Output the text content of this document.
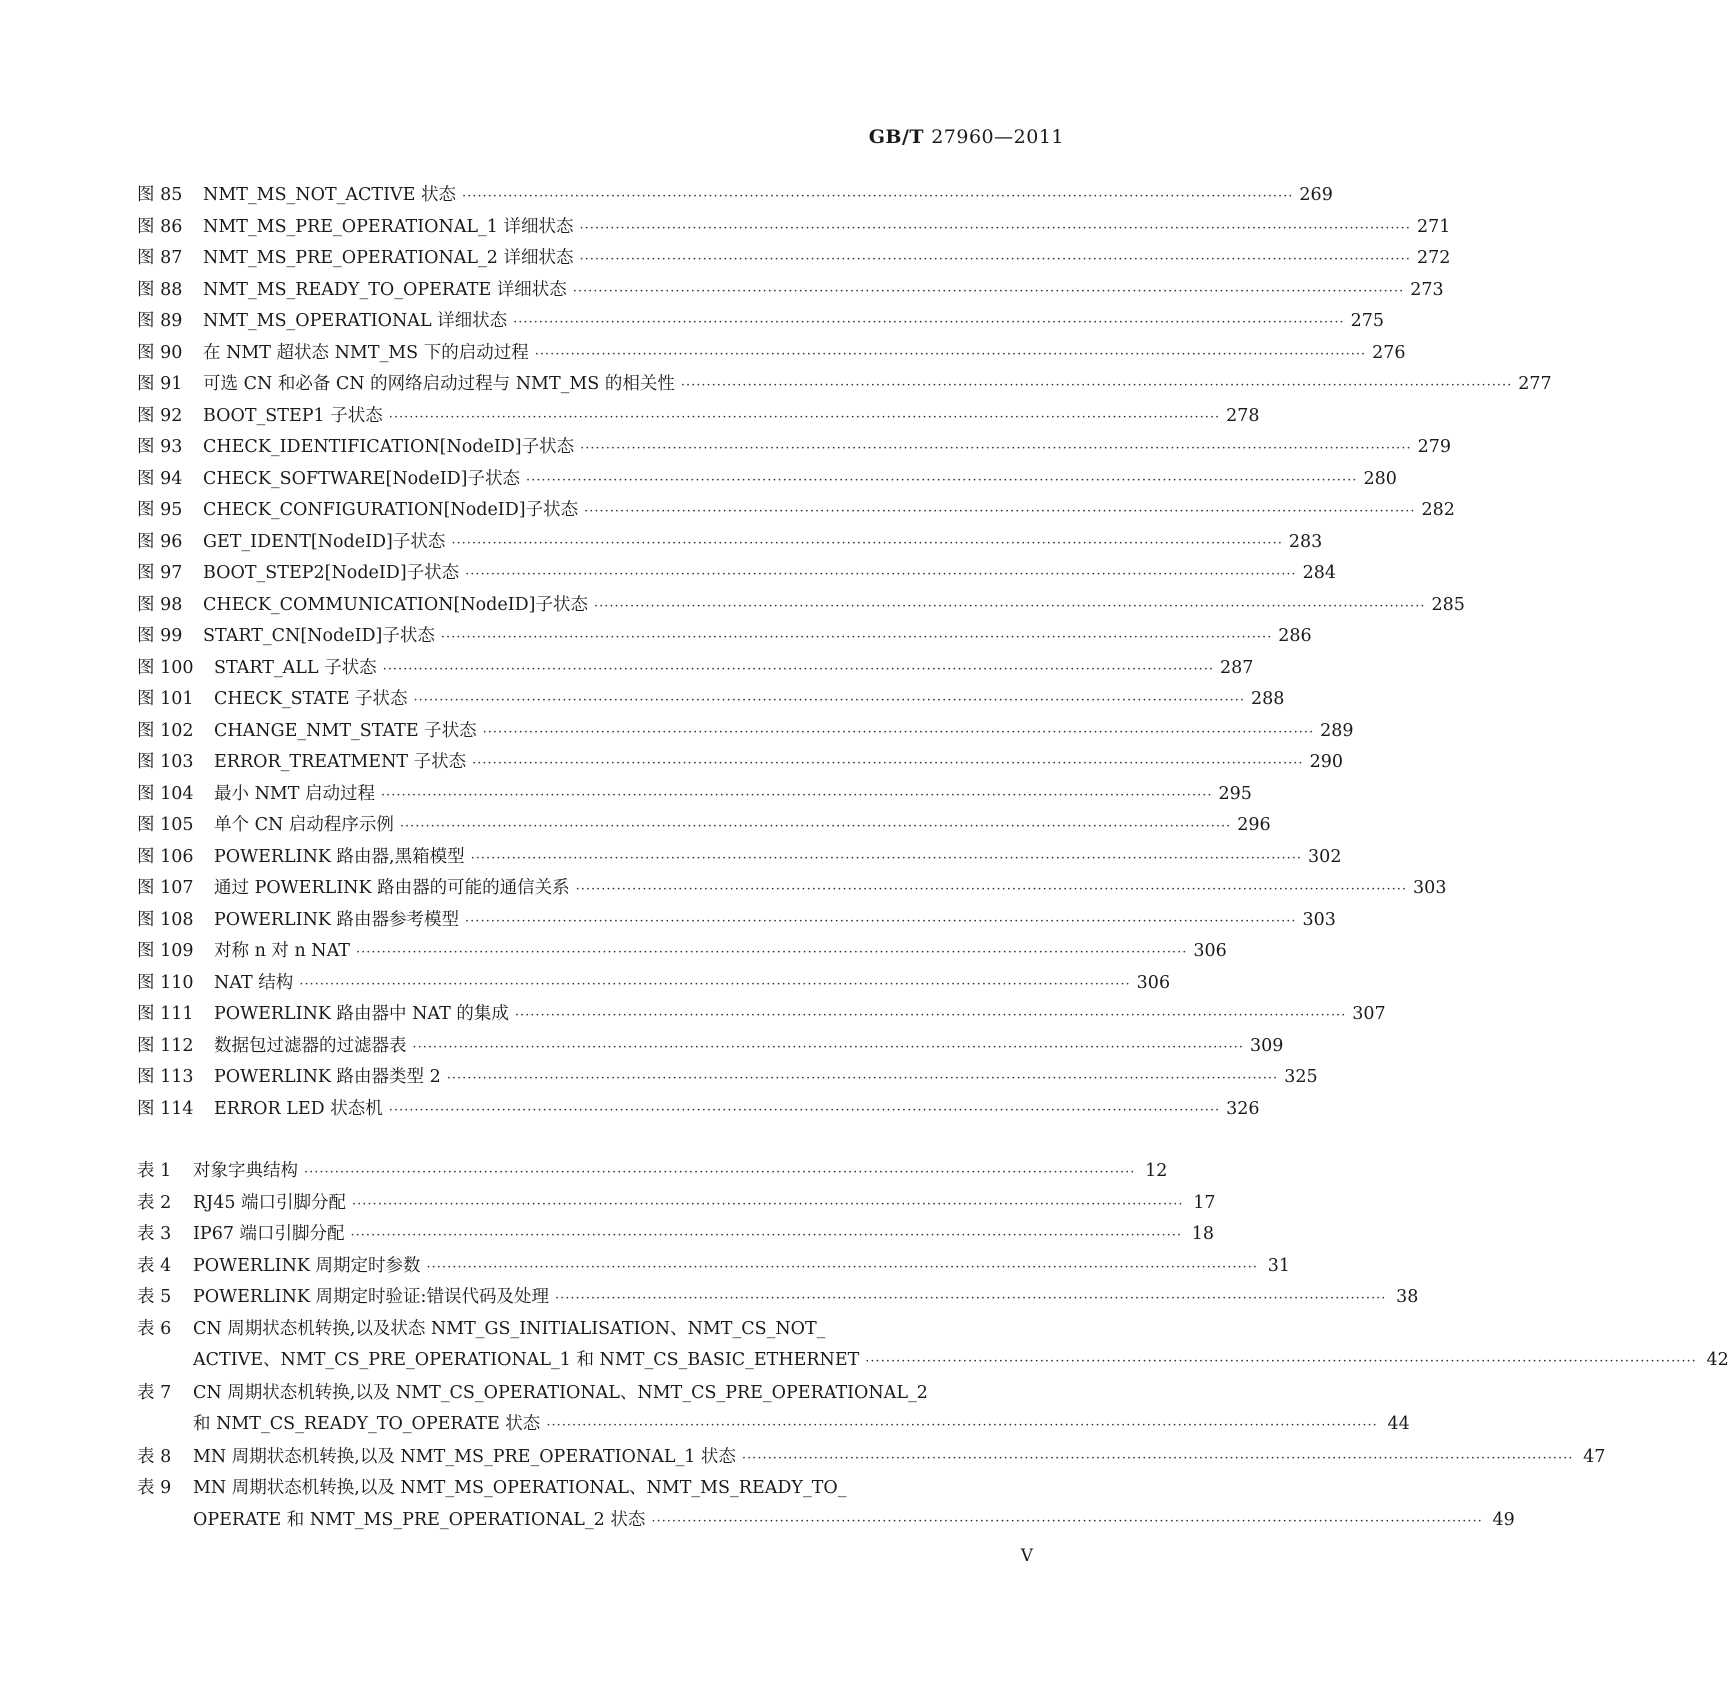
GB/T 27960—2011
图 85	NMT_MS_NOT_ACTIVE 状态 ·································································································································································· 269
图 86	NMT_MS_PRE_OPERATIONAL_1 详细状态 ·································································································································································· 271
图 87	NMT_MS_PRE_OPERATIONAL_2 详细状态 ·································································································································································· 272
图 88	NMT_MS_READY_TO_OPERATE 详细状态 ·································································································································································· 273
图 89	NMT_MS_OPERATIONAL 详细状态 ·································································································································································· 275
图 90	在 NMT 超状态 NMT_MS 下的启动过程 ·································································································································································· 276
图 91	可选 CN 和必备 CN 的网络启动过程与 NMT_MS 的相关性 ·································································································································································· 277
图 92	BOOT_STEP1 子状态 ·································································································································································· 278
图 93	CHECK_IDENTIFICATION[NodeID]子状态 ·································································································································································· 279
图 94	CHECK_SOFTWARE[NodeID]子状态 ·································································································································································· 280
图 95	CHECK_CONFIGURATION[NodeID]子状态 ·································································································································································· 282
图 96	GET_IDENT[NodeID]子状态 ·································································································································································· 283
图 97	BOOT_STEP2[NodeID]子状态 ·································································································································································· 284
图 98	CHECK_COMMUNICATION[NodeID]子状态 ·································································································································································· 285
图 99	START_CN[NodeID]子状态 ·································································································································································· 286
图 100	START_ALL 子状态 ·································································································································································· 287
图 101	CHECK_STATE 子状态 ·································································································································································· 288
图 102	CHANGE_NMT_STATE 子状态 ·································································································································································· 289
图 103	ERROR_TREATMENT 子状态 ·································································································································································· 290
图 104	最小 NMT 启动过程 ·································································································································································· 295
图 105	单个 CN 启动程序示例 ·································································································································································· 296
图 106	POWERLINK 路由器,黑箱模型 ·································································································································································· 302
图 107	通过 POWERLINK 路由器的可能的通信关系 ·································································································································································· 303
图 108	POWERLINK 路由器参考模型 ·································································································································································· 303
图 109	对称 n 对 n NAT ·································································································································································· 306
图 110	NAT 结构 ·································································································································································· 306
图 111	POWERLINK 路由器中 NAT 的集成 ·································································································································································· 307
图 112	数据包过滤器的过滤器表 ·································································································································································· 309
图 113	POWERLINK 路由器类型 2 ·································································································································································· 325
图 114	ERROR LED 状态机 ·································································································································································· 326
表 1	对象字典结构 ·································································································································································· 12
表 2	RJ45 端口引脚分配 ·································································································································································· 17
表 3	IP67 端口引脚分配 ·································································································································································· 18
表 4	POWERLINK 周期定时参数 ·································································································································································· 31
表 5	POWERLINK 周期定时验证:错误代码及处理 ·································································································································································· 38
表 6	CN 周期状态机转换,以及状态 NMT_GS_INITIALISATION、NMT_CS_NOT_
ACTIVE、NMT_CS_PRE_OPERATIONAL_1 和 NMT_CS_BASIC_ETHERNET ·································································································································································· 42
表 7	CN 周期状态机转换,以及 NMT_CS_OPERATIONAL、NMT_CS_PRE_OPERATIONAL_2
和 NMT_CS_READY_TO_OPERATE 状态 ·································································································································································· 44
表 8	MN 周期状态机转换,以及 NMT_MS_PRE_OPERATIONAL_1 状态 ·································································································································································· 47
表 9	MN 周期状态机转换,以及 NMT_MS_OPERATIONAL、NMT_MS_READY_TO_
OPERATE 和 NMT_MS_PRE_OPERATIONAL_2 状态 ·································································································································································· 49
V
